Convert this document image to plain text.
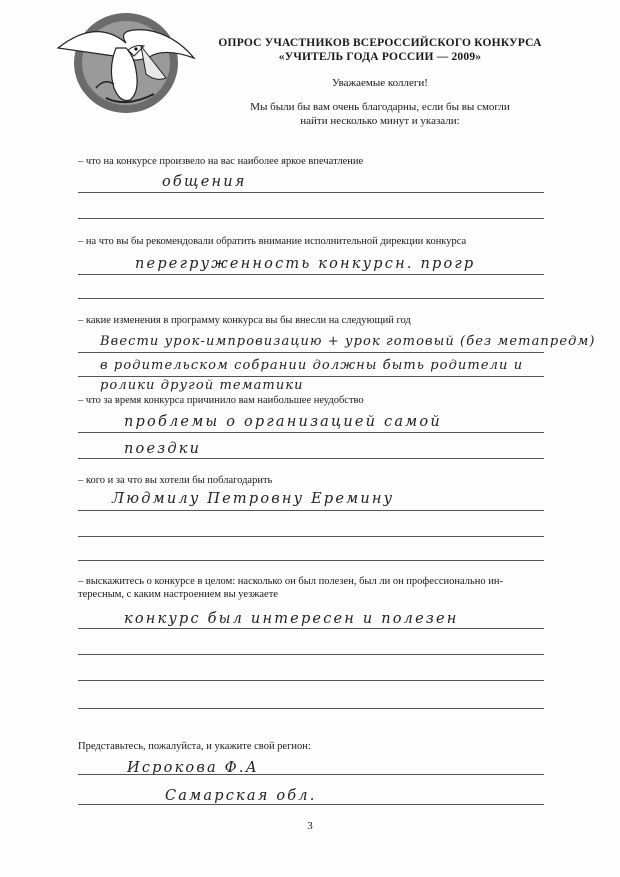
ОПРОС УЧАСТНИКОВ ВСЕРОССИЙСКОГО КОНКУРСА
«УЧИТЕЛЬ ГОДА РОССИИ — 2009»
Уважаемые коллеги!
Мы были бы вам очень благодарны, если бы вы смогли
найти несколько минут и указали:
– что на конкурсе произвело на вас наиболее яркое впечатление
общения
– на что вы бы рекомендовали обратить внимание исполнительной дирекции конкурса
перегруженность конкурсн. прогр
– какие изменения в программу конкурса вы бы внесли на следующий год
Ввести урок-импровизацию + урок готовый (без метапредм)
в родительском собрании должны быть родители и
ролики другой тематики
– что за время конкурса причинило вам наибольшее неудобство
проблемы о организацией самой
поездки
– кого и за что вы хотели бы поблагодарить
Людмилу Петровну Еремину
– выскажитесь о конкурсе в целом: насколько он был полезен, был ли он профессионально ин-
тересным, с каким настроением вы уезжаете
конкурс был интересен и полезен
Представьтесь, пожалуйста, и укажите свой регион:
Исрокова Ф.А
Самарская обл.
3
